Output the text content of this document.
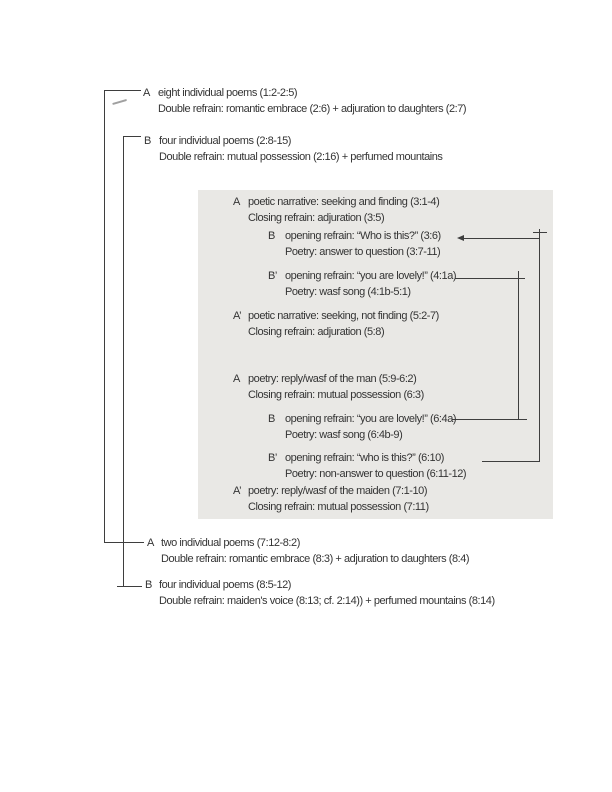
A eight individual poems (1:2-2:5)
Double refrain: romantic embrace (2:6) + adjuration to daughters (2:7)
B four individual poems (2:8-15)
Double refrain: mutual possession (2:16) + perfumed mountains
A poetic narrative: seeking and finding (3:1-4)
Closing refrain: adjuration (3:5)
B opening refrain: “Who is this?” (3:6)
Poetry: answer to question (3:7-11)
B’ opening refrain: “you are lovely!” (4:1a)
Poetry: wasf song (4:1b-5:1)
A’ poetic narrative: seeking, not finding (5:2-7)
Closing refrain: adjuration (5:8)
A poetry: reply/wasf of the man (5:9-6:2)
Closing refrain: mutual possession (6:3)
B opening refrain: “you are lovely!” (6:4a)
Poetry: wasf song (6:4b-9)
B’ opening refrain: “who is this?” (6:10)
Poetry: non-answer to question (6:11-12)
A’ poetry: reply/wasf of the maiden (7:1-10)
Closing refrain: mutual possession (7:11)
A two individual poems (7:12-8:2)
Double refrain: romantic embrace (8:3) + adjuration to daughters (8:4)
B four individual poems (8:5-12)
Double refrain: maiden's voice (8:13; cf. 2:14)) + perfumed mountains (8:14)
